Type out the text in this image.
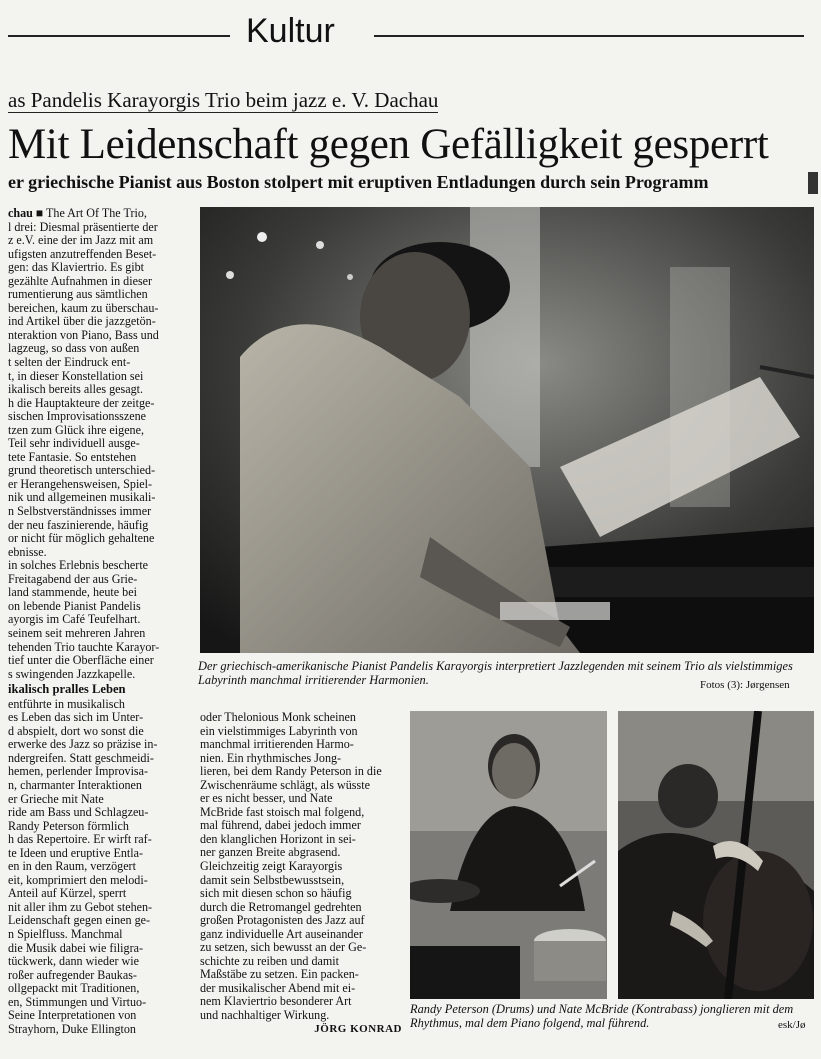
Kultur
as Pandelis Karayorgis Trio beim jazz e. V. Dachau
Mit Leidenschaft gegen Gefälligkeit gesperrt
er griechische Pianist aus Boston stolpert mit eruptiven Entladungen durch sein Programm

chau ■ The Art Of The Trio,

l drei: Diesmal präsentierte der

z e.V. eine der im Jazz mit am

ufigsten anzutreffenden Beset-

gen: das Klaviertrio. Es gibt

gezählte Aufnahmen in dieser

rumentierung aus sämtlichen

bereichen, kaum zu überschau-

ind Artikel über die jazzgetön-

nteraktion von Piano, Bass und

lagzeug, so dass von außen

t selten der Eindruck ent-

t, in dieser Konstellation sei

ikalisch bereits alles gesagt.

h die Hauptakteure der zeitge-

sischen Improvisationsszene

tzen zum Glück ihre eigene,

Teil sehr individuell ausge-

tete Fantasie. So entstehen

grund theoretisch unterschied-

er Herangehensweisen, Spiel-

nik und allgemeinen musikali-

n Selbstverständnisses immer

der neu faszinierende, häufig

or nicht für möglich gehaltene

ebnisse.

in solches Erlebnis bescherte

Freitagabend der aus Grie-

land stammende, heute bei

on lebende Pianist Pandelis

ayorgis im Café Teufelhart.

seinem seit mehreren Jahren

tehenden Trio tauchte Karayor-

tief unter die Oberfläche einer

s swingenden Jazzkapelle.

ikalisch pralles Leben

entführte in musikalisch

es Leben das sich im Unter-

d abspielt, dort wo sonst die

erwerke des Jazz so präzise in-

ndergreifen. Statt geschmeidi-

hemen, perlender Improvisa-

n, charmanter Interaktionen

er Grieche mit Nate

ride am Bass und Schlagzeu-

Randy Peterson förmlich

h das Repertoire. Er wirft raf-

te Ideen und eruptive Entla-

en in den Raum, verzögert

eit, komprimiert den melodi-

Anteil auf Kürzel, sperrt

nit aller ihm zu Gebot stehen-

Leidenschaft gegen einen ge-

n Spielfluss. Manchmal

die Musik dabei wie filigra-

tückwerk, dann wieder wie

roßer aufregender Baukas-

ollgepackt mit Traditionen,

en, Stimmungen und Virtuo-

Seine Interpretationen von

Strayhorn, Duke Ellington

Der griechisch-amerikanische Pianist Pandelis Karayorgis interpretiert Jazzlegenden mit seinem Trio als vielstimmiges Labyrinth manchmal irritierender Harmonien.	Fotos (3): Jørgensen

oder Thelonious Monk scheinen

ein vielstimmiges Labyrinth von

manchmal irritierenden Harmo-

nien. Ein rhythmisches Jong-

lieren, bei dem Randy Peterson in die

Zwischenräume schlägt, als wüsste

er es nicht besser, und Nate

McBride fast stoisch mal folgend,

mal führend, dabei jedoch immer

den klanglichen Horizont in sei-

ner ganzen Breite abgrasend.

Gleichzeitig zeigt Karayorgis

damit sein Selbstbewusstsein,

sich mit diesen schon so häufig

durch die Retromangel gedrehten

großen Protagonisten des Jazz auf

ganz individuelle Art auseinander

zu setzen, sich bewusst an der Ge-

schichte zu reiben und damit

Maßstäbe zu setzen. Ein packen-

der musikalischer Abend mit ei-

nem Klaviertrio besonderer Art

und nachhaltiger Wirkung.

JÖRG KONRAD

Randy Peterson (Drums) und Nate McBride (Kontrabass) jonglieren mit dem Rhythmus, mal dem Piano folgend, mal führend.	esk/Jø
